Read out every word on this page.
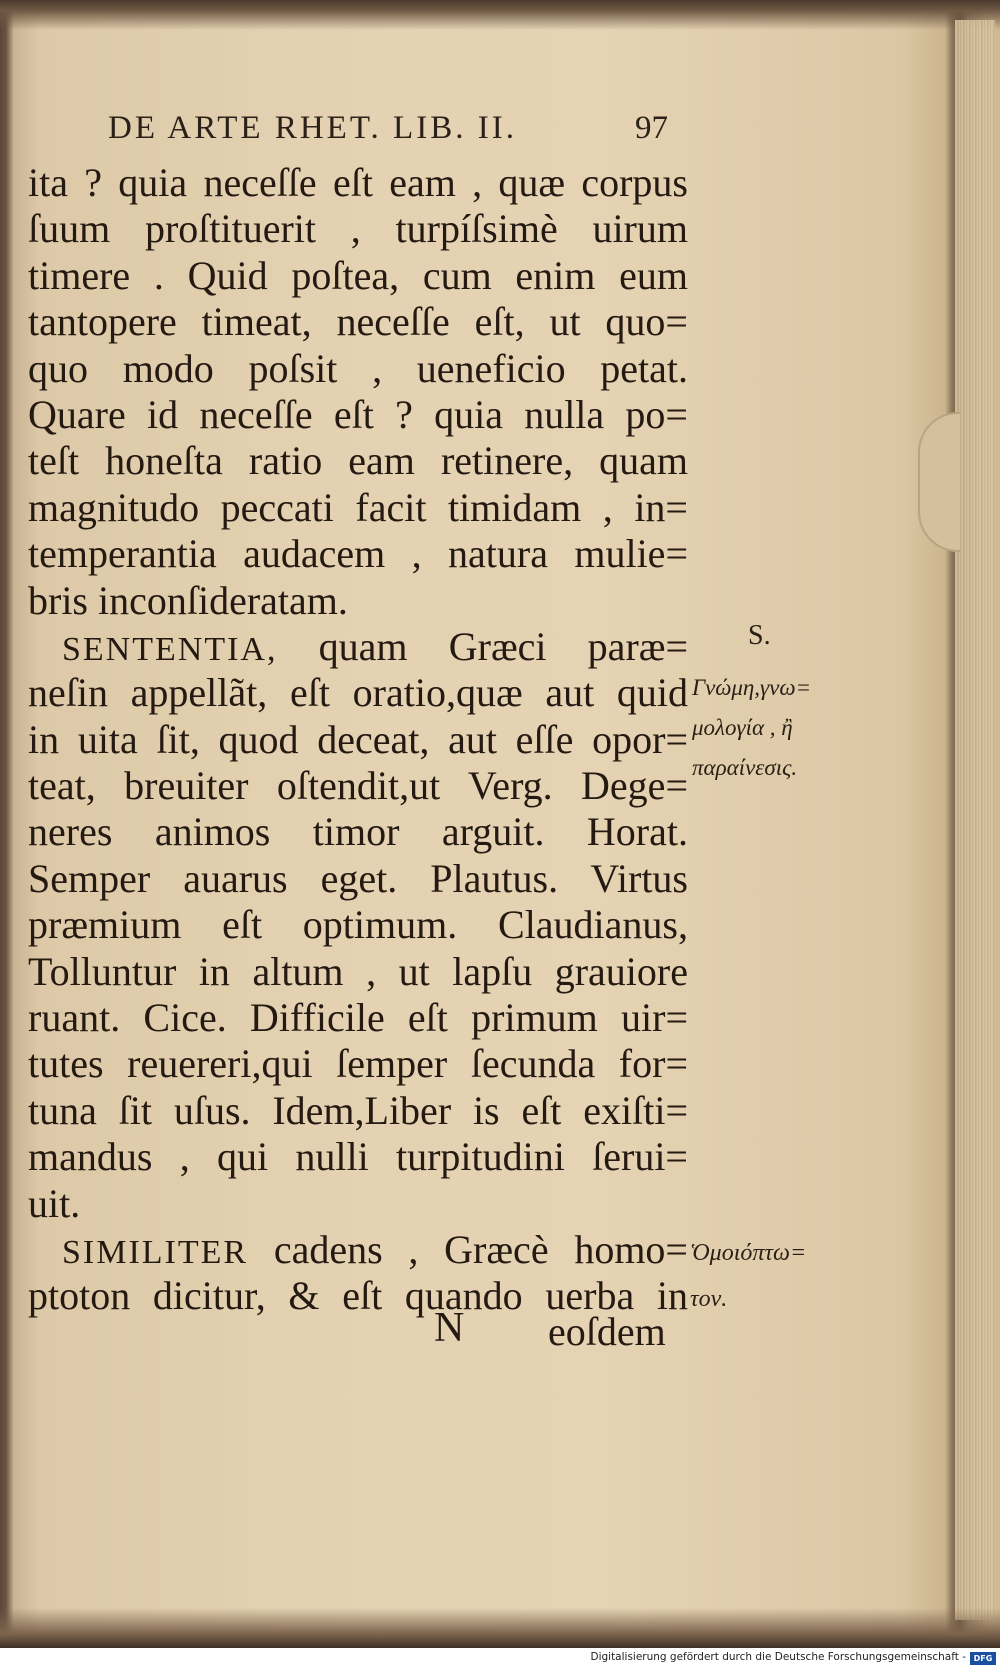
DE ARTE RHET. LIB. II.	97
ita ? quia neceſſe eſt eam , quæ corpus
ſuum proſtituerit , turpíſsimè uirum
timere . Quid poſtea, cum enim eum
tantopere timeat, neceſſe eſt, ut quo=
quo modo poſsit , ueneficio petat.
Quare id neceſſe eſt ? quia nulla po=
teſt honeſta ratio eam retinere, quam
magnitudo peccati facit timidam , in=
temperantia audacem , natura mulie=
bris inconſideratam.
SENTENTIA, quam Græci paræ=
neſin appellãt, eſt oratio,quæ aut quid
in uita ſit, quod deceat, aut eſſe opor=
teat, breuiter oſtendit,ut Verg. Dege=
neres animos timor arguit. Horat.
Semper auarus eget. Plautus. Virtus
præmium eſt optimum. Claudianus,
Tolluntur in altum , ut lapſu grauiore
ruant. Cice. Difficile eſt primum uir=
tutes reuereri,qui ſemper ſecunda for=
tuna ſit uſus. Idem,Liber is eſt exiſti=
mandus , qui nulli turpitudini ſerui=
uit.
SIMILITER cadens , Græcè homo=
ptoton dicitur, & eſt quando uerba in
N eoſdem
S.
Γνώμη,γνω=
μολογία , ἢ
παραίνεσις.
Ὁμοιόπτω=
τον.
Digitalisierung gefördert durch die Deutsche Forschungsgemeinschaft - DFG
